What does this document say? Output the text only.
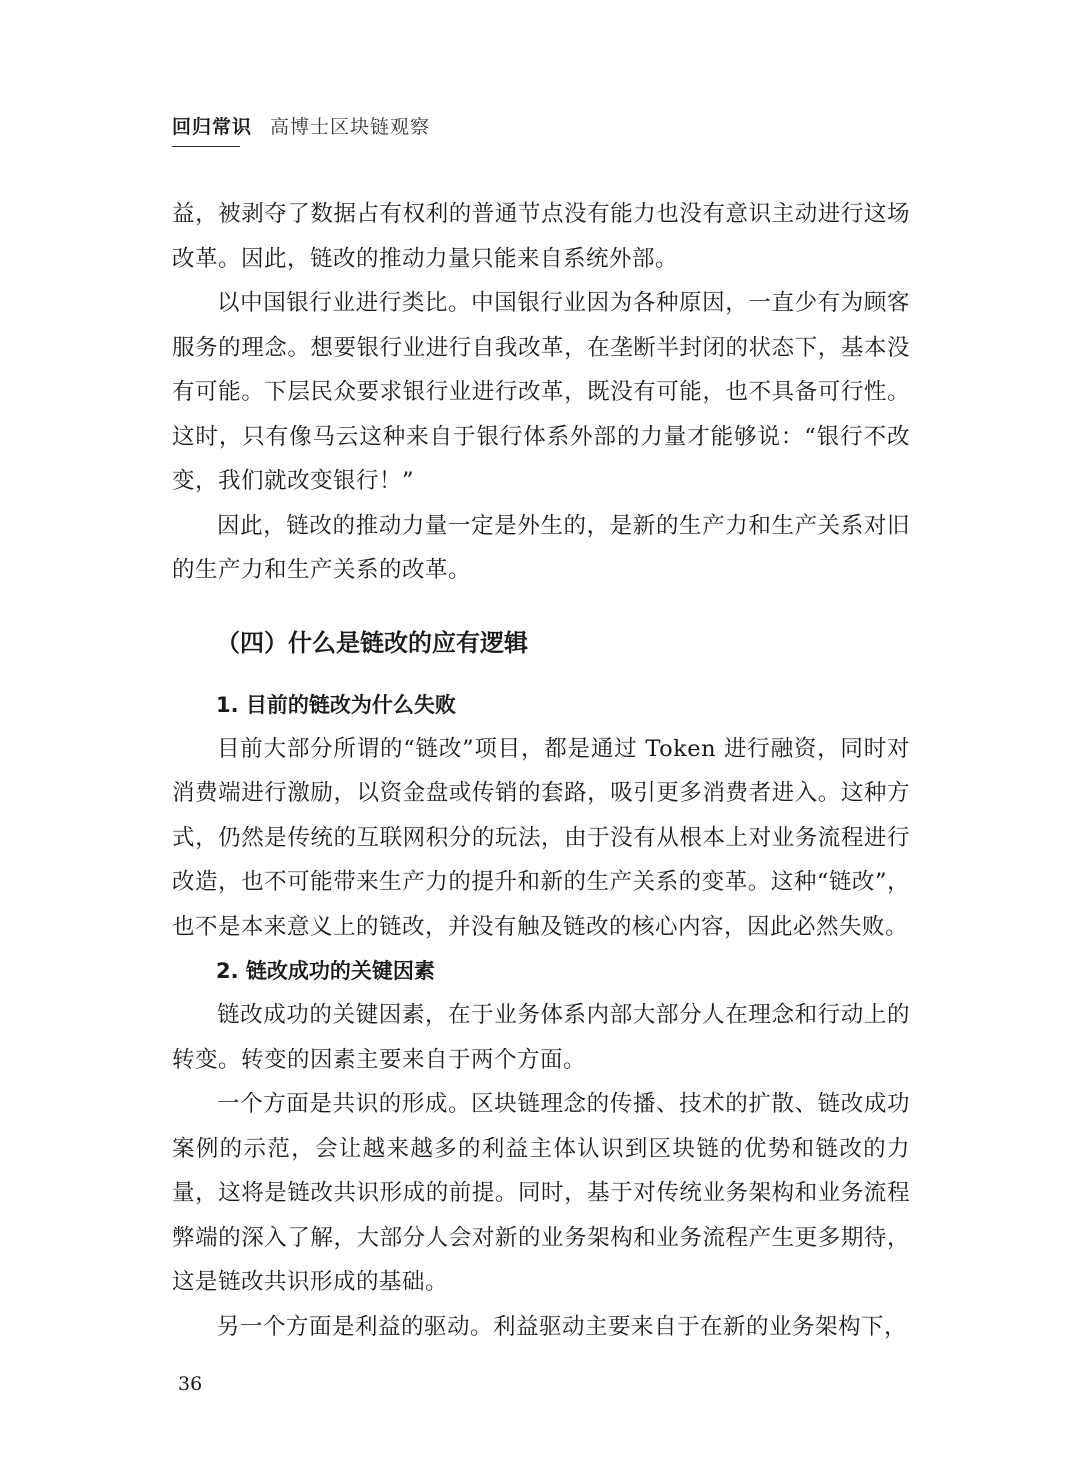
回归常识 高博士区块链观察

益，被剥夺了数据占有权利的普通节点没有能力也没有意识主动进行这场改革。因此，链改的推动力量只能来自系统外部。

以中国银行业进行类比。中国银行业因为各种原因，一直少有为顾客服务的理念。想要银行业进行自我改革，在垄断半封闭的状态下，基本没有可能。下层民众要求银行业进行改革，既没有可能，也不具备可行性。这时，只有像马云这种来自于银行体系外部的力量才能够说：“银行不改变，我们就改变银行！”

因此，链改的推动力量一定是外生的，是新的生产力和生产关系对旧的生产力和生产关系的改革。

（四）什么是链改的应有逻辑
1. 目前的链改为什么失败

目前大部分所谓的“链改”项目，都是通过 Token 进行融资，同时对消费端进行激励，以资金盘或传销的套路，吸引更多消费者进入。这种方式，仍然是传统的互联网积分的玩法，由于没有从根本上对业务流程进行改造，也不可能带来生产力的提升和新的生产关系的变革。这种“链改”，也不是本来意义上的链改，并没有触及链改的核心内容，因此必然失败。

2. 链改成功的关键因素

链改成功的关键因素，在于业务体系内部大部分人在理念和行动上的转变。转变的因素主要来自于两个方面。

一个方面是共识的形成。区块链理念的传播、技术的扩散、链改成功案例的示范，会让越来越多的利益主体认识到区块链的优势和链改的力量，这将是链改共识形成的前提。同时，基于对传统业务架构和业务流程弊端的深入了解，大部分人会对新的业务架构和业务流程产生更多期待，这是链改共识形成的基础。

另一个方面是利益的驱动。利益驱动主要来自于在新的业务架构下，

36
